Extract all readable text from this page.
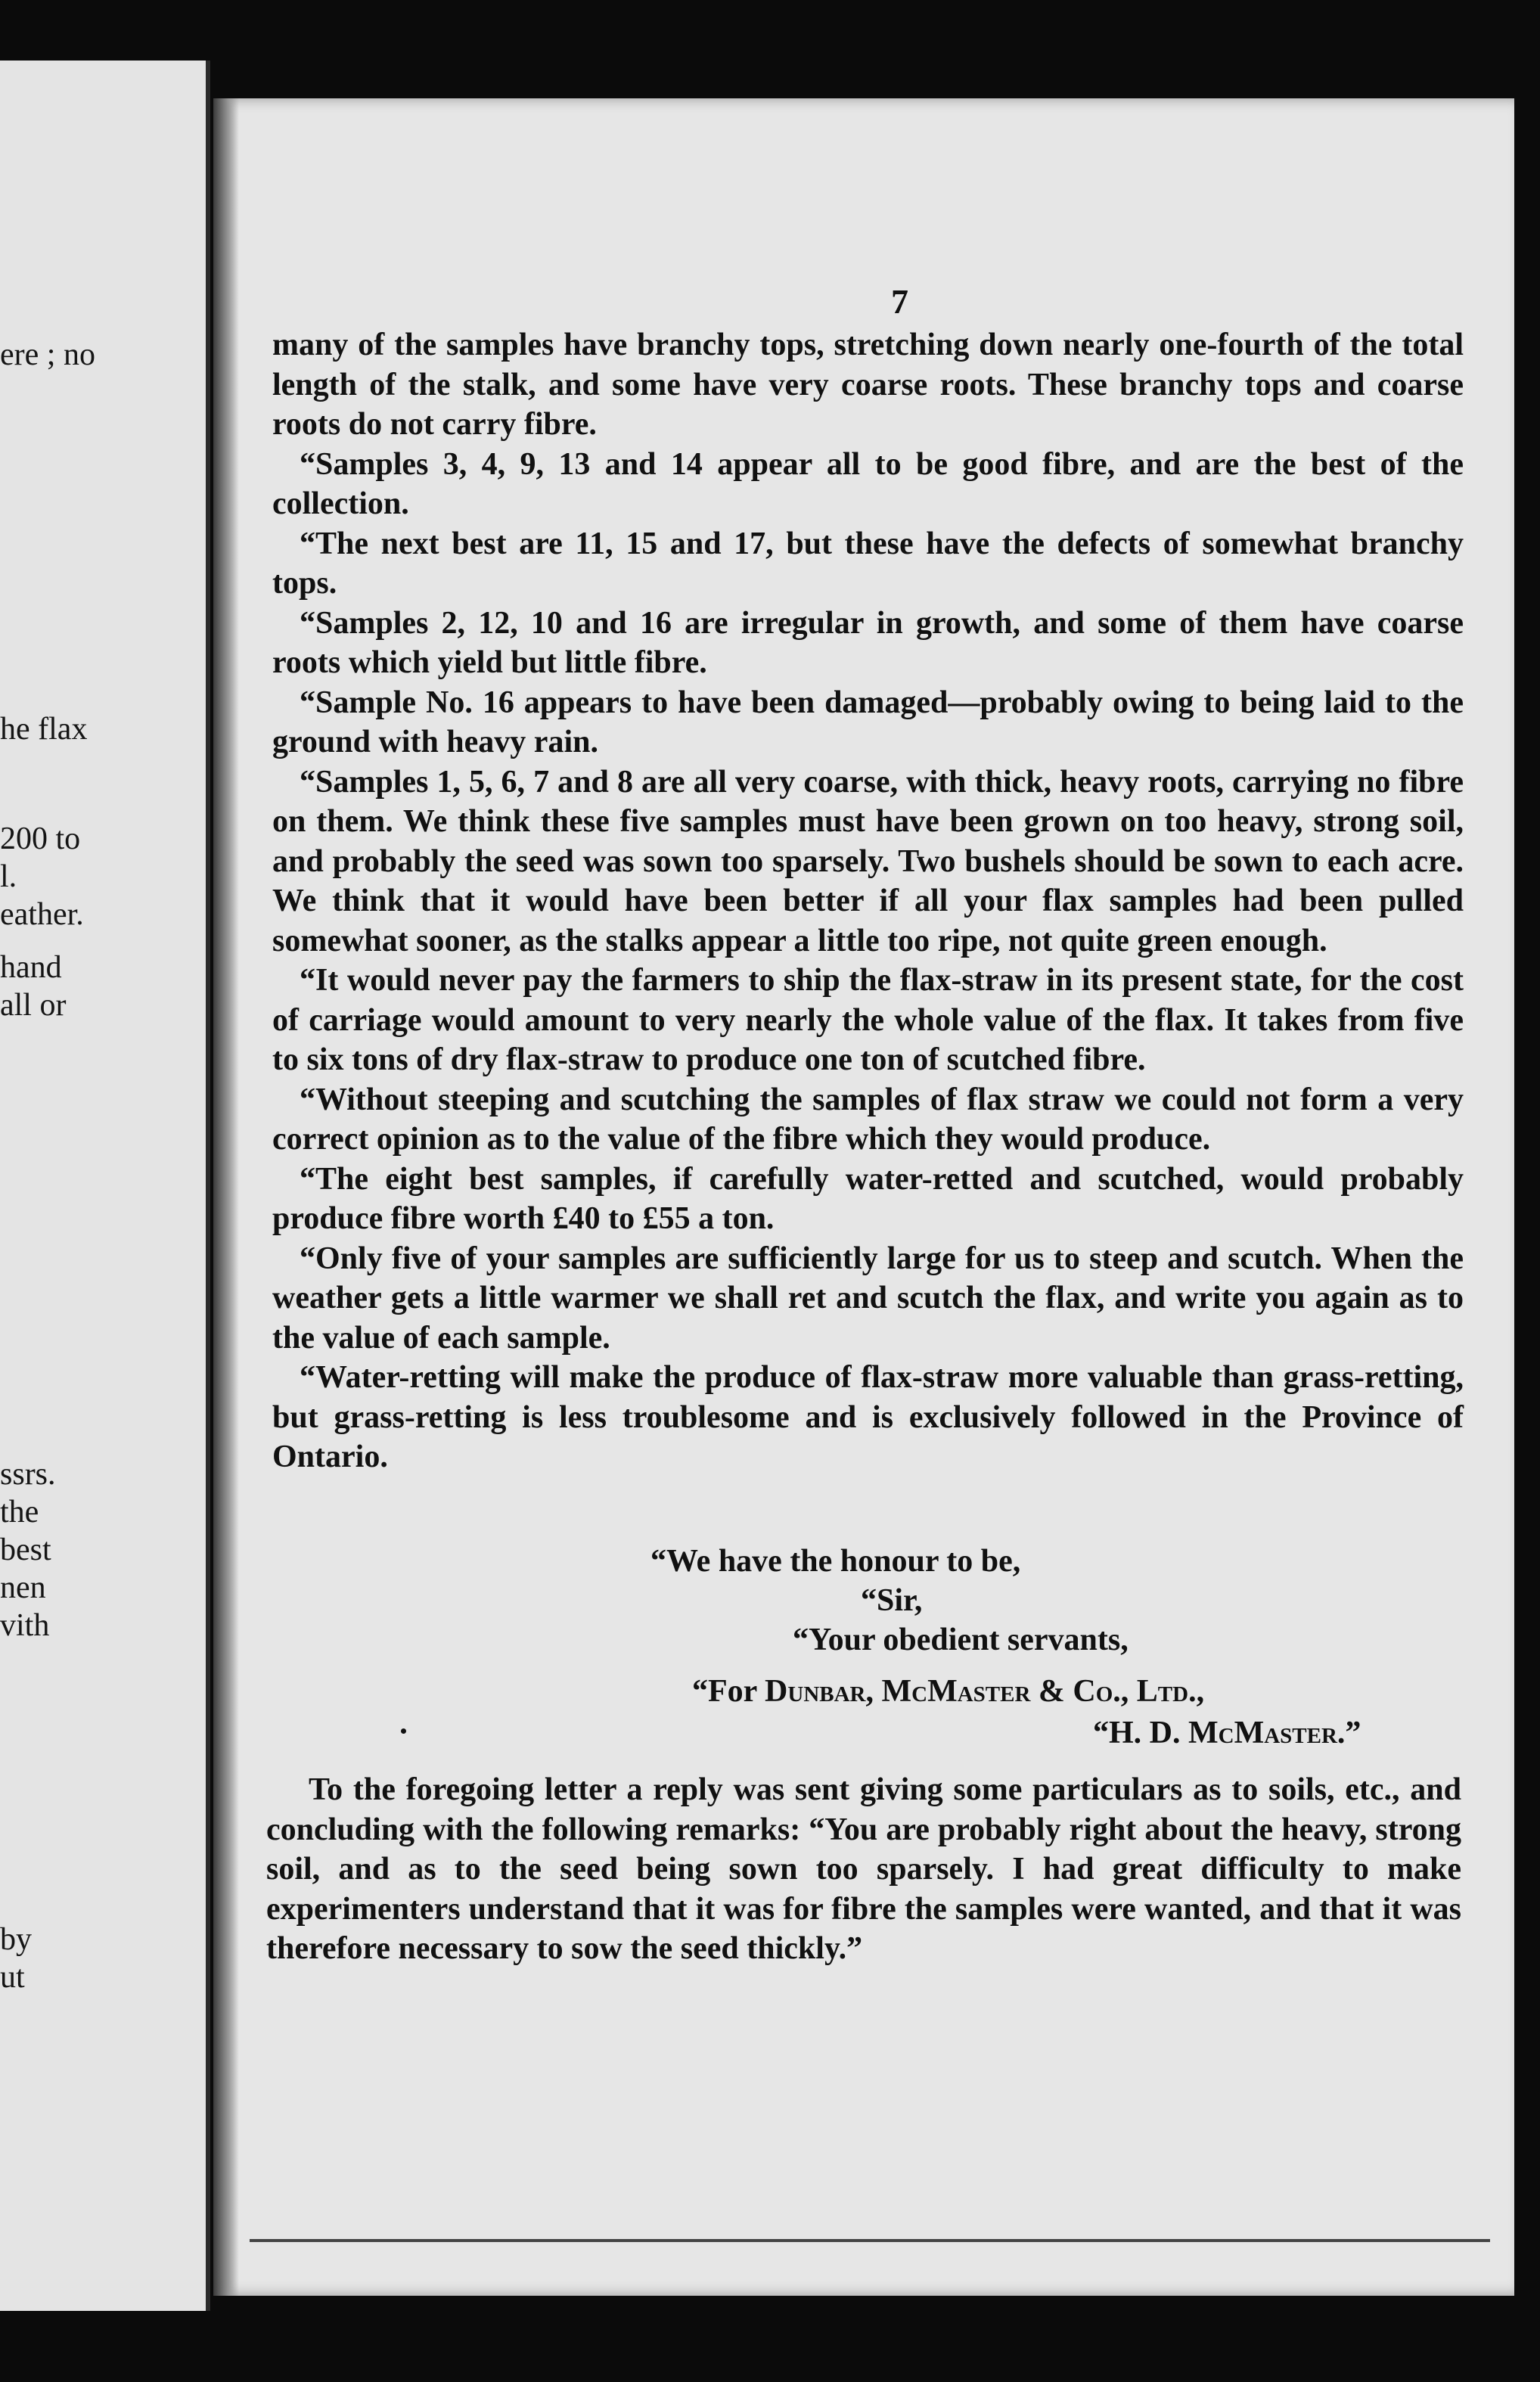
ere ; no
he flax
200 to
l.
eather.
hand
all or
ssrs.
the
best
nen
vith
by
ut
7

many of the samples have branchy tops, stretching down nearly one-fourth of the total length of the stalk, and some have very coarse roots. These branchy tops and coarse roots do not carry fibre.

“Samples 3, 4, 9, 13 and 14 appear all to be good fibre, and are the best of the collection.

“The next best are 11, 15 and 17, but these have the defects of somewhat branchy tops.

“Samples 2, 12, 10 and 16 are irregular in growth, and some of them have coarse roots which yield but little fibre.

“Sample No. 16 appears to have been damaged—probably owing to being laid to the ground with heavy rain.

“Samples 1, 5, 6, 7 and 8 are all very coarse, with thick, heavy roots, carrying no fibre on them. We think these five samples must have been grown on too heavy, strong soil, and probably the seed was sown too sparsely. Two bushels should be sown to each acre. We think that it would have been better if all your flax samples had been pulled somewhat sooner, as the stalks appear a little too ripe, not quite green enough.

“It would never pay the farmers to ship the flax-straw in its present state, for the cost of carriage would amount to very nearly the whole value of the flax. It takes from five to six tons of dry flax-straw to produce one ton of scutched fibre.

“Without steeping and scutching the samples of flax straw we could not form a very correct opinion as to the value of the fibre which they would produce.

“The eight best samples, if carefully water-retted and scutched, would probably produce fibre worth £40 to £55 a ton.

“Only five of your samples are sufficiently large for us to steep and scutch. When the weather gets a little warmer we shall ret and scutch the flax, and write you again as to the value of each sample.

“Water-retting will make the produce of flax-straw more valuable than grass-retting, but grass-retting is less troublesome and is exclusively followed in the Province of Ontario.

“We have the honour to be,
“Sir,
“Your obedient servants,
“For Dunbar, McMaster & Co., Ltd.,
“H. D. McMaster.”

To the foregoing letter a reply was sent giving some particulars as to soils, etc., and concluding with the following remarks: “You are probably right about the heavy, strong soil, and as to the seed being sown too sparsely. I had great difficulty to make experimenters understand that it was for fibre the samples were wanted, and that it was therefore necessary to sow the seed thickly.”
